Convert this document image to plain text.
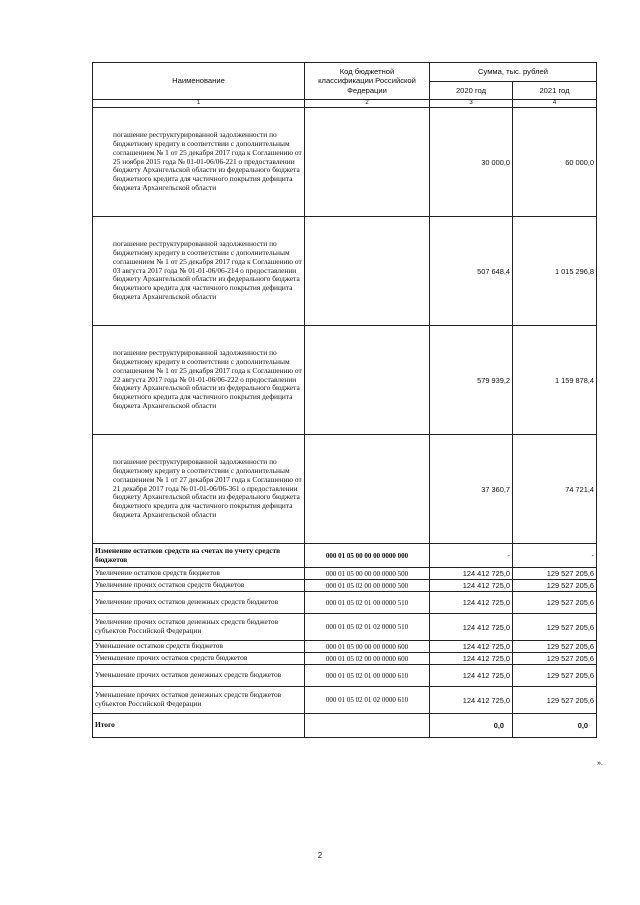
Наименование	Код бюджетной классификации Российской Федерации	Сумма, тыс. рублей	
		2020 год	2021 год
1	2	3	4
погашение реструктурированной задолженности по бюджетному кредиту в соответствии с дополнительным соглашением № 1 от 25 декабря 2017 года к Соглашению от 25 ноября 2015 года № 01-01-06/06-221 о предоставлении бюджету Архангельской области из федерального бюджета бюджетного кредита для частичного покрытия дефицита бюджета Архангельской области		30 000,0	60 000,0
погашение реструктурированной задолженности по бюджетному кредиту в соответствии с дополнительным соглашением № 1 от 25 декабря 2017 года к Соглашению от 03 августа 2017 года № 01-01-06/06-214 о предоставлении бюджету Архангельской области из федерального бюджета бюджетного кредита для частичного покрытия дефицита бюджета Архангельской области		507 648,4	1 015 296,8
погашение реструктурированной задолженности по бюджетному кредиту в соответствии с дополнительным соглашением № 1 от 25 декабря 2017 года к Соглашению от 22 августа 2017 года № 01-01-06/06-222 о предоставлении бюджету Архангельской области из федерального бюджета бюджетного кредита для частичного покрытия дефицита бюджета Архангельской области		579 939,2	1 159 878,4
погашение реструктурированной задолженности по бюджетному кредиту в соответствии с дополнительным соглашением № 1 от 27 декабря 2017 года к Соглашению от 21 декабря 2017 года № 01-01-06/06-361 о предоставлении бюджету Архангельской области из федерального бюджета бюджетного кредита для частичного покрытия дефицита бюджета Архангельской области		37 360,7	74 721,4
Изменение остатков средств на счетах по учету средств бюджетов	000 01 05 00 00 00 0000 000	-	-
Увеличение остатков средств бюджетов	000 01 05 00 00 00 0000 500	124 412 725,0	129 527 205,6
Увеличение прочих остатков средств бюджетов	000 01 05 02 00 00 0000 500	124 412 725,0	129 527 205,6
Увеличение прочих остатков денежных средств бюджетов	000 01 05 02 01 00 0000 510	124 412 725,0	129 527 205,6
Увеличение прочих остатков денежных средств бюджетов субъектов Российской Федерации	000 01 05 02 01 02 0000 510	124 412 725,0	129 527 205,6
Уменьшение остатков средств бюджетов	000 01 05 00 00 00 0000 600	124 412 725,0	129 527 205,6
Уменьшение прочих остатков средств бюджетов	000 01 05 02 00 00 0000 600	124 412 725,0	129 527 205,6
Уменьшение прочих остатков денежных средств бюджетов	000 01 05 02 01 00 0000 610	124 412 725,0	129 527 205,6
Уменьшение прочих остатков денежных средств бюджетов субъектов Российской Федерации	000 01 05 02 01 02 0000 610	124 412 725,0	129 527 205,6
Итого		0,0	0,0
».
2
